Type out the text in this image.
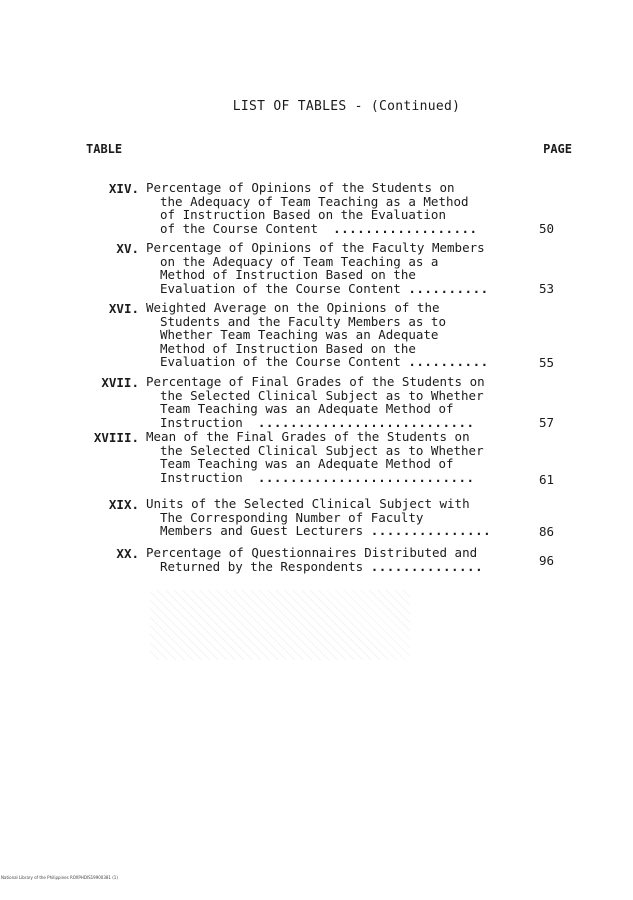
LIST OF TABLES - (Continued)
TABLE	PAGE
XIV. Percentage of Opinions of the Students on
the Adequacy of Team Teaching as a Method
of Instruction Based on the Evaluation
of the Course Content ..................	50
XV. Percentage of Opinions of the Faculty Members
on the Adequacy of Team Teaching as a
Method of Instruction Based on the
Evaluation of the Course Content ..........	53
XVI. Weighted Average on the Opinions of the
Students and the Faculty Members as to
Whether Team Teaching was an Adequate
Method of Instruction Based on the
Evaluation of the Course Content ..........	55
XVII. Percentage of Final Grades of the Students on
the Selected Clinical Subject as to Whether
Team Teaching was an Adequate Method of
Instruction ...........................	57
XVIII. Mean of the Final Grades of the Students on
the Selected Clinical Subject as to Whether
Team Teaching was an Adequate Method of
Instruction ...........................	61
XIX. Units of the Selected Clinical Subject with
The Corresponding Number of Faculty
Members and Guest Lecturers ...............	86
XX. Percentage of Questionnaires Distributed and
Returned by the Respondents ..............	96
National Library of the Philippines ROXPHDIS19900381 (1)
